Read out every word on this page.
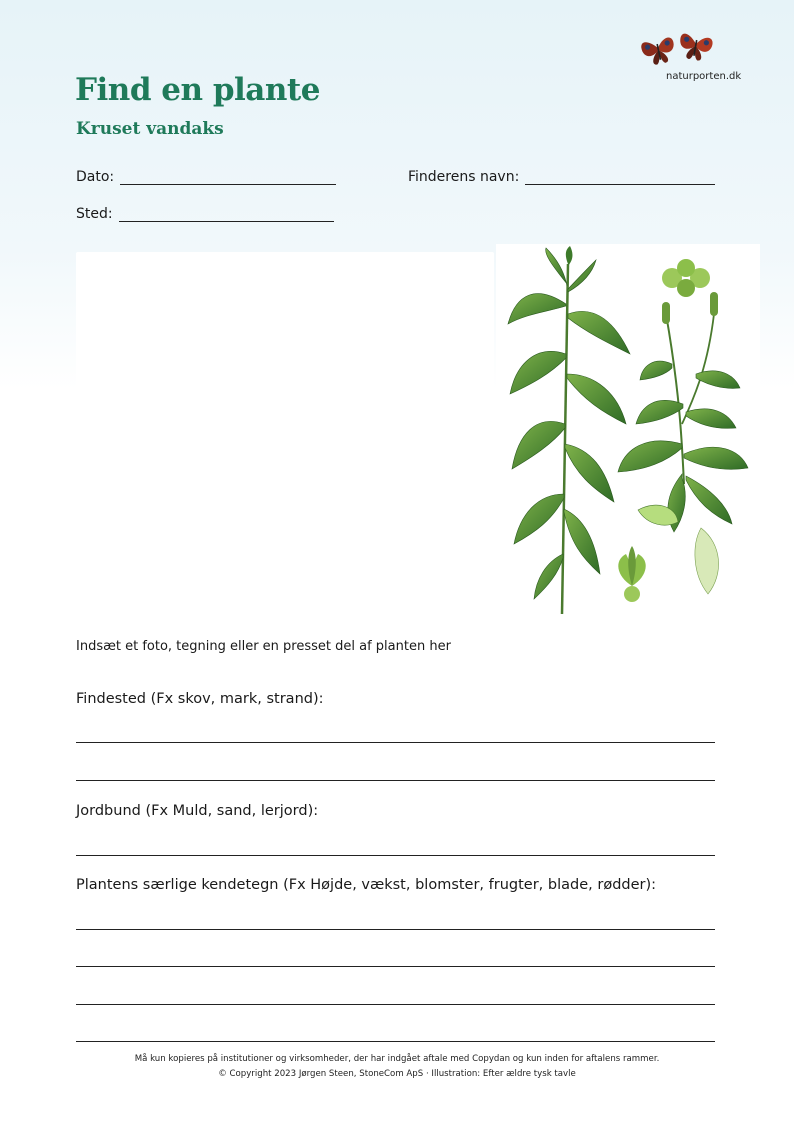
naturporten.dk
Find en plante
Kruset vandaks
Dato:	Finderens navn:
Sted:
Indsæt et foto, tegning eller en presset del af planten her
Findested (Fx skov, mark, strand):
Jordbund (Fx Muld, sand, lerjord):
Plantens særlige kendetegn (Fx Højde, vækst, blomster, frugter, blade, rødder):
Må kun kopieres på institutioner og virksomheder, der har indgået aftale med Copydan og kun inden for aftalens rammer.
© Copyright 2023 Jørgen Steen, StoneCom ApS · Illustration: Efter ældre tysk tavle
